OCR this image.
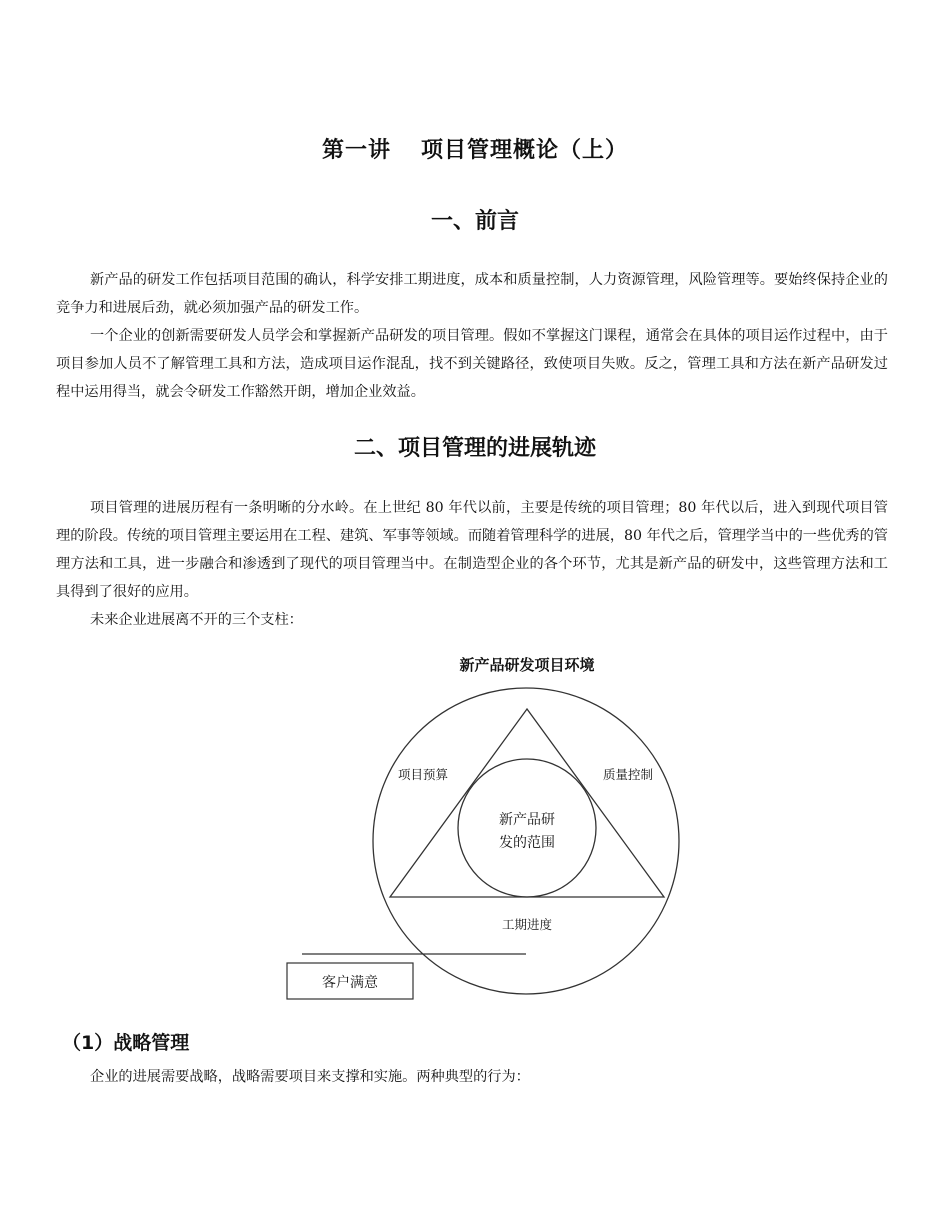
第一讲 项目管理概论（上）
一、前言
新产品的研发工作包括项目范围的确认，科学安排工期进度，成本和质量控制，人力资源管理，风险管理等。要始终保持企业的竞争力和进展后劲，就必须加强产品的研发工作。
一个企业的创新需要研发人员学会和掌握新产品研发的项目管理。假如不掌握这门课程，通常会在具体的项目运作过程中，由于项目参加人员不了解管理工具和方法，造成项目运作混乱，找不到关键路径，致使项目失败。反之，管理工具和方法在新产品研发过程中运用得当，就会令研发工作豁然开朗，增加企业效益。
二、项目管理的进展轨迹
项目管理的进展历程有一条明晰的分水岭。在上世纪 80 年代以前，主要是传统的项目管理；80 年代以后，进入到现代项目管理的阶段。传统的项目管理主要运用在工程、建筑、军事等领域。而随着管理科学的进展，80 年代之后，管理学当中的一些优秀的管理方法和工具，进一步融合和渗透到了现代的项目管理当中。在制造型企业的各个环节，尤其是新产品的研发中，这些管理方法和工具得到了很好的应用。
未来企业进展离不开的三个支柱：
新产品研发项目环境
项目预算	质量控制
新产品研
发的范围
工期进度
客户满意
（1）战略管理
企业的进展需要战略，战略需要项目来支撑和实施。两种典型的行为：
